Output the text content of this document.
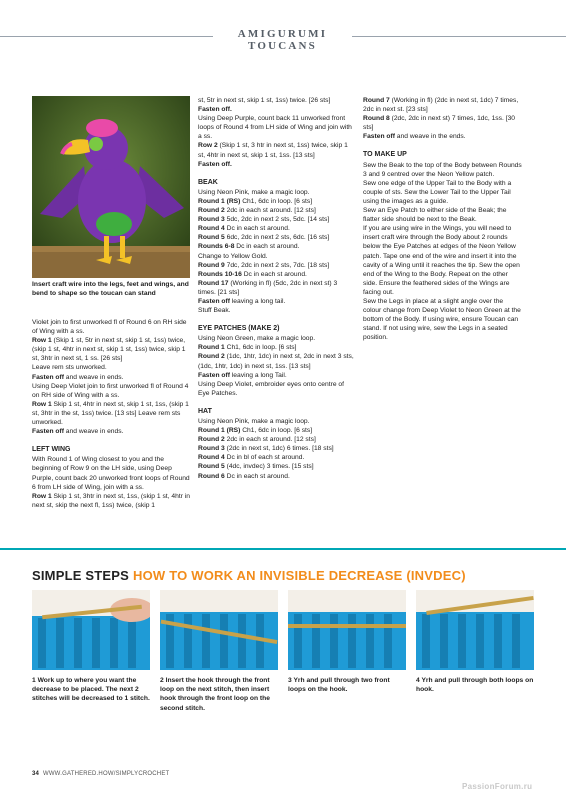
AMIGURUMI TOUCANS
Insert craft wire into the legs, feet and wings, and bend to shape so the toucan can stand

Violet join to first unworked fl of Round 6 on RH side of Wing with a ss.

Row 1 (Skip 1 st, 5tr in next st, skip 1 st, 1ss) twice, (skip 1 st, 4htr in next st, skip 1 st, 1ss) twice, skip 1 st, 3htr in next st, 1 ss. [26 sts]

Leave rem sts unworked.

Fasten off and weave in ends.

Using Deep Violet join to first unworked fl of Round 4 on RH side of Wing with a ss.

Row 1 Skip 1 st, 4htr in next st, skip 1 st, 1ss, (skip 1 st, 3htr in the st, 1ss) twice. [13 sts] Leave rem sts unworked.

Fasten off and weave in ends.

LEFT WING

With Round 1 of Wing closest to you and the beginning of Row 9 on the LH side, using Deep Purple, count back 20 unworked front loops of Round 6 from LH side of Wing, join with a ss.

Row 1 Skip 1 st, 3htr in next st, 1ss, (skip 1 st, 4htr in next st, skip the next fl, 1ss) twice, (skip 1

st, 5tr in next st, skip 1 st, 1ss) twice. [26 sts]

Fasten off.

Using Deep Purple, count back 11 unworked front loops of Round 4 from LH side of Wing and join with a ss.

Row 2 (Skip 1 st, 3 htr in next st, 1ss) twice, skip 1 st, 4htr in next st, skip 1 st, 1ss. [13 sts]

Fasten off.

BEAK

Using Neon Pink, make a magic loop.

Round 1 (RS) Ch1, 6dc in loop. [6 sts]

Round 2 2dc in each st around. [12 sts]

Round 3 5dc, 2dc in next 2 sts, 5dc. [14 sts]

Round 4 Dc in each st around.

Round 5 6dc, 2dc in next 2 sts, 6dc. [16 sts]

Rounds 6-8 Dc in each st around.

Change to Yellow Gold.

Round 9 7dc, 2dc in next 2 sts, 7dc. [18 sts]

Rounds 10-16 Dc in each st around.

Round 17 (Working in fl) (5dc, 2dc in next st) 3 times. [21 sts]

Fasten off leaving a long tail.

Stuff Beak.

EYE PATCHES (MAKE 2)

Using Neon Green, make a magic loop.

Round 1 Ch1, 6dc in loop. [6 sts]

Round 2 (1dc, 1htr, 1dc) in next st, 2dc in next 3 sts, (1dc, 1htr, 1dc) in next st, 1ss. [13 sts]

Fasten off leaving a long Tail.

Using Deep Violet, embroider eyes onto centre of Eye Patches.

HAT

Using Neon Pink, make a magic loop.

Round 1 (RS) Ch1, 6dc in loop. [6 sts]

Round 2 2dc in each st around. [12 sts]

Round 3 (2dc in next st, 1dc) 6 times. [18 sts]

Round 4 Dc in bl of each st around.

Round 5 (4dc, invdec) 3 times. [15 sts]

Round 6 Dc in each st around.

Round 7 (Working in fl) (2dc in next st, 1dc) 7 times, 2dc in next st. [23 sts]

Round 8 (2dc, 2dc in next st) 7 times, 1dc, 1ss. [30 sts]

Fasten off and weave in the ends.

TO MAKE UP

Sew the Beak to the top of the Body between Rounds 3 and 9 centred over the Neon Yellow patch.

Sew one edge of the Upper Tail to the Body with a couple of sts. Sew the Lower Tail to the Upper Tail using the images as a guide.

Sew an Eye Patch to either side of the Beak; the flatter side should be next to the Beak.

If you are using wire in the Wings, you will need to insert craft wire through the Body about 2 rounds below the Eye Patches at edges of the Neon Yellow patch. Tape one end of the wire and insert it into the cavity of a Wing until it reaches the tip. Sew the open end of the Wing to the Body. Repeat on the other side. Ensure the feathered sides of the Wings are facing out.

Sew the Legs in place at a slight angle over the colour change from Deep Violet to Neon Green at the bottom of the Body. If using wire, ensure Toucan can stand. If not using wire, sew the Legs in a seated position.

SIMPLE STEPS HOW TO WORK AN INVISIBLE DECREASE (INVDEC)
1 Work up to where you want the decrease to be placed. The next 2 stitches will be decreased to 1 stitch.
2 Insert the hook through the front loop on the next stitch, then insert hook through the front loop on the second stitch.
3 Yrh and pull through two front loops on the hook.
4 Yrh and pull through both loops on hook.
34 WWW.GATHERED.HOW/SIMPLYCROCHET
PassionForum.ru
